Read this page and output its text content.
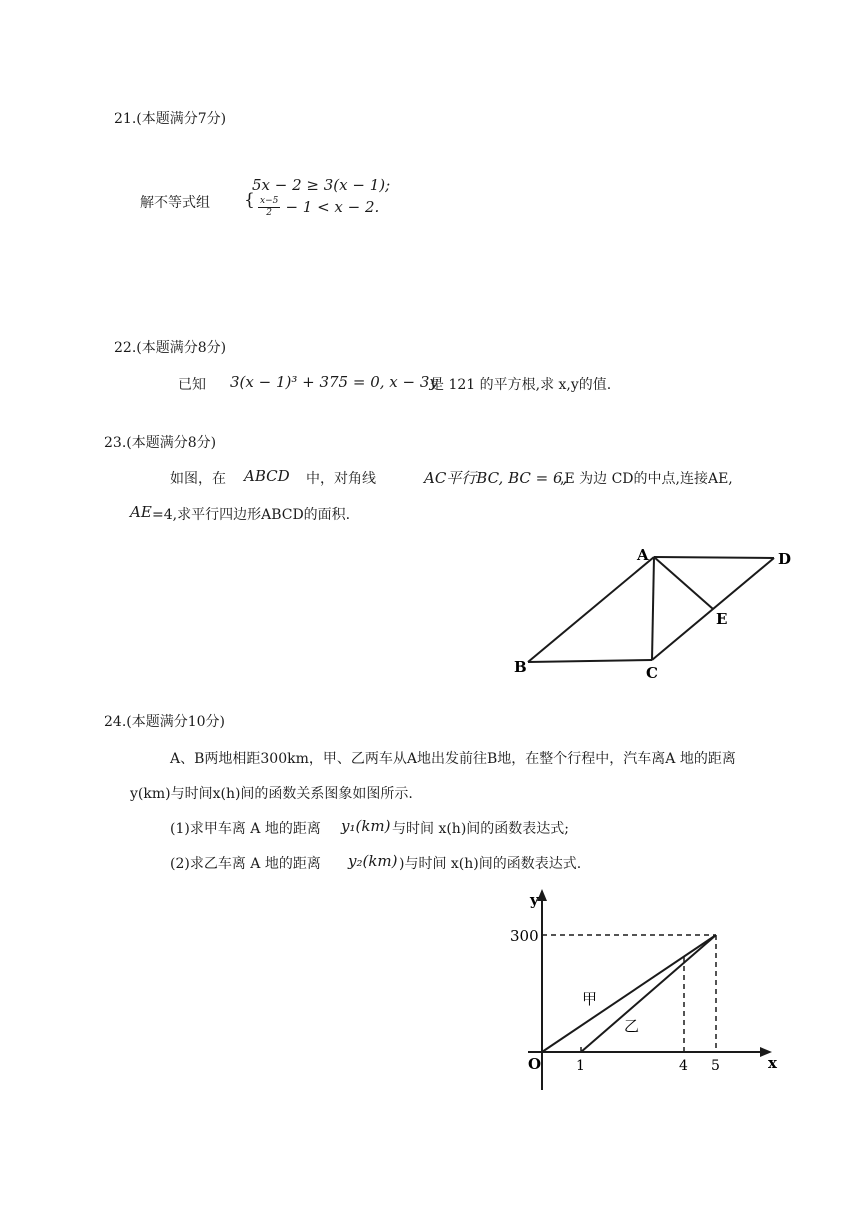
21.(本题满分7分)
解不等式组 {
5x − 2 ≥ 3(x − 1);
$\frac{x-5}{2} - 1 < x - 2$.
22.(本题满分8分)
已知 3(x − 1)³ + 375 = 0, x − 3y
是 121 的平方根,求 x,y的值.
23.(本题满分8分)
如图，在 ABCD 中，对角线	AC平行BC, BC = 6,
,E 为边 CD的中点,连接AE,
AE =4,求平行四边形ABCD的面积.
A
B	C
D
E
24.(本题满分10分)
A、B两地相距300km，甲、乙两车从A地出发前往B地，在整个行程中，汽车离A 地的距离
y(km)与时间x(h)间的函数关系图象如图所示.
(1)求甲车离 A 地的距离 y₁(km) 与时间 x(h)间的函数表达式;
(2)求乙车离 A 地的距离 y₂(km) )与时间 x(h)间的函数表达式.
y
x
O
300
1	4 5
甲
乙
